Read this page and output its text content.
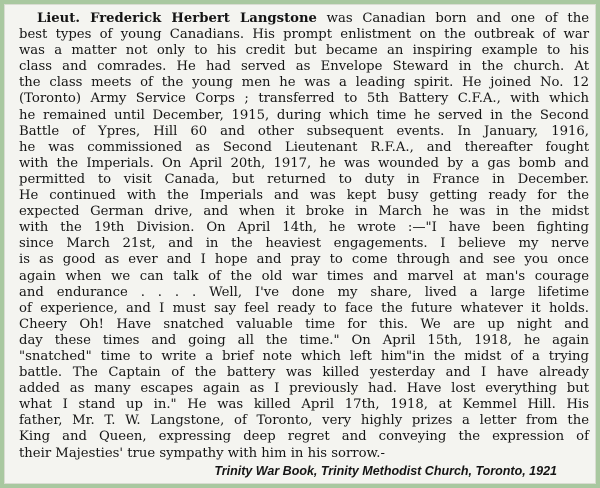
Lieut. Frederick Herbert Langstone was Canadian born and one of the
best types of young Canadians. His prompt enlistment on the outbreak of war
was a matter not only to his credit but became an inspiring example to his
class and comrades. He had served as Envelope Steward in the church. At
the class meets of the young men he was a leading spirit. He joined No. 12
(Toronto) Army Service Corps ; transferred to 5th Battery C.F.A., with which
he remained until December, 1915, during which time he served in the Second
Battle of Ypres, Hill 60 and other subsequent events. In January, 1916,
he was commissioned as Second Lieutenant R.F.A., and thereafter fought
with the Imperials. On April 20th, 1917, he was wounded by a gas bomb and
permitted to visit Canada, but returned to duty in France in December.
He continued with the Imperials and was kept busy getting ready for the
expected German drive, and when it broke in March he was in the midst
with the 19th Division. On April 14th, he wrote :—"I have been fighting
since March 21st, and in the heaviest engagements. I believe my nerve
is as good as ever and I hope and pray to come through and see you once
again when we can talk of the old war times and marvel at man's courage
and endurance . . . . Well, I've done my share, lived a large lifetime
of experience, and I must say feel ready to face the future whatever it holds.
Cheery Oh! Have snatched valuable time for this. We are up night and
day these times and going all the time." On April 15th, 1918, he again
"snatched" time to write a brief note which left him"in the midst of a trying
battle. The Captain of the battery was killed yesterday and I have already
added as many escapes again as I previously had. Have lost everything but
what I stand up in." He was killed April 17th, 1918, at Kemmel Hill. His
father, Mr. T. W. Langstone, of Toronto, very highly prizes a letter from the
King and Queen, expressing deep regret and conveying the expression of
their Majesties' true sympathy with him in his sorrow.-
Trinity War Book, Trinity Methodist Church, Toronto, 1921
